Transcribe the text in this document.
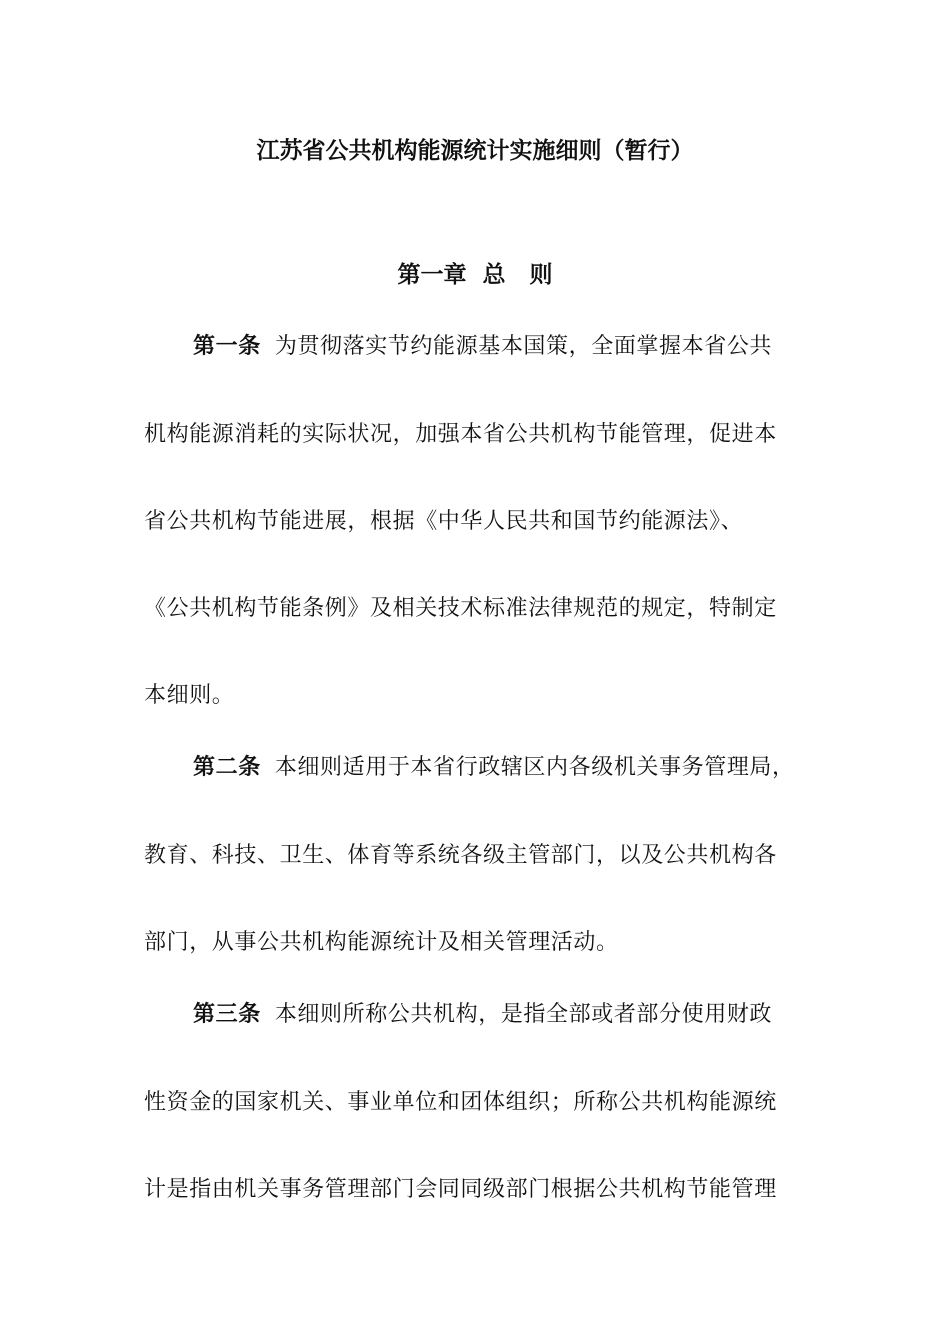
江苏省公共机构能源统计实施细则（暂行）
第一章  总   则
第一条 为贯彻落实节约能源基本国策，全面掌握本省公共
机构能源消耗的实际状况，加强本省公共机构节能管理，促进本
省公共机构节能进展，根据《中华人民共和国节约能源法》、
《公共机构节能条例》及相关技术标准法律规范的规定，特制定
本细则。
第二条 本细则适用于本省行政辖区内各级机关事务管理局，
教育、科技、卫生、体育等系统各级主管部门，以及公共机构各
部门，从事公共机构能源统计及相关管理活动。
第三条 本细则所称公共机构，是指全部或者部分使用财政
性资金的国家机关、事业单位和团体组织；所称公共机构能源统
计是指由机关事务管理部门会同同级部门根据公共机构节能管理
